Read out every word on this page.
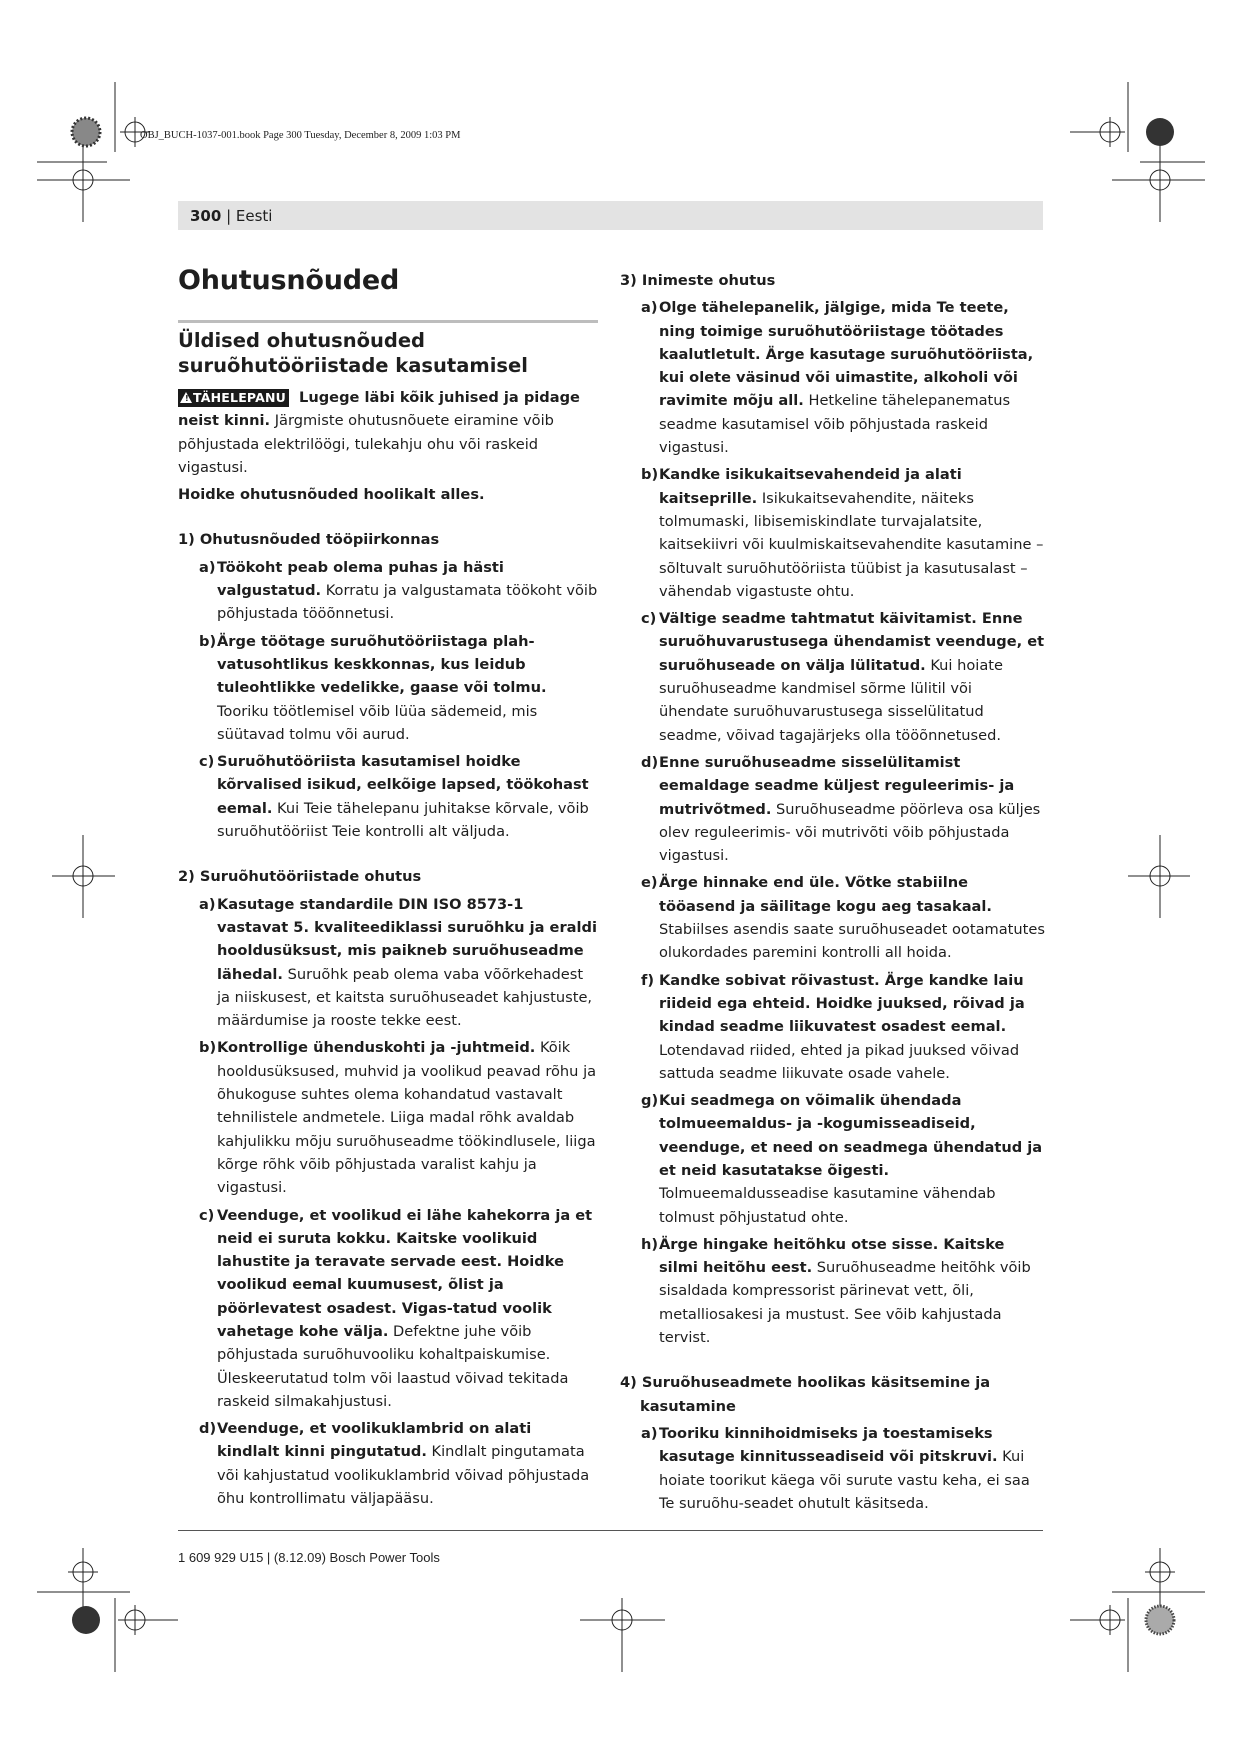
OBJ_BUCH-1037-001.book Page 300 Tuesday, December 8, 2009 1:03 PM
300 | Eesti
Ohutusnõuded
Üldised ohutusnõuded suruõhutööriistade kasutamisel
! TÄHELEPANU Lugege läbi kõik juhised ja pidage neist kinni. Järgmiste ohutusnõuete eiramine võib põhjustada elektrilöögi, tulekahju ohu või raskeid vigastusi.

Hoidke ohutusnõuded hoolikalt alles.

1) Ohutusnõuded tööpiirkonnas

a) Töökoht peab olema puhas ja hästi valgustatud. Korratu ja valgustamata töökoht võib põhjustada tööõnnetusi.
b) Ärge töötage suruõhutööriistaga plah-vatusohtlikus keskkonnas, kus leidub tuleohtlikke vedelikke, gaase või tolmu. Tooriku töötlemisel võib lüüa sädemeid, mis süütavad tolmu või aurud.
c) Suruõhutööriista kasutamisel hoidke kõrvalised isikud, eelkõige lapsed, töökohast eemal. Kui Teie tähelepanu juhitakse kõrvale, võib suruõhutööriist Teie kontrolli alt väljuda.

2) Suruõhutööriistade ohutus

a) Kasutage standardile DIN ISO 8573-1 vastavat 5. kvaliteediklassi suruõhku ja eraldi hooldusüksust, mis paikneb suruõhuseadme lähedal. Suruõhk peab olema vaba võõrkehadest ja niiskusest, et kaitsta suruõhuseadet kahjustuste, määrdumise ja rooste tekke eest.
b) Kontrollige ühenduskohti ja -juhtmeid. Kõik hooldusüksused, muhvid ja voolikud peavad rõhu ja õhukoguse suhtes olema kohandatud vastavalt tehnilistele andmetele. Liiga madal rõhk avaldab kahjulikku mõju suruõhuseadme töökindlusele, liiga kõrge rõhk võib põhjustada varalist kahju ja vigastusi.
c) Veenduge, et voolikud ei lähe kahekorra ja et neid ei suruta kokku. Kaitske voolikuid lahustite ja teravate servade eest. Hoidke voolikud eemal kuumusest, õlist ja pöörlevatest osadest. Vigas-tatud voolik vahetage kohe välja. Defektne juhe võib põhjustada suruõhuvooliku kohaltpaiskumise. Üleskeerutatud tolm või laastud võivad tekitada raskeid silmakahjustusi.
d) Veenduge, et voolikuklambrid on alati kindlalt kinni pingutatud. Kindlalt pingutamata või kahjustatud voolikuklambrid võivad põhjustada õhu kontrollimatu väljapääsu.

3) Inimeste ohutus

a) Olge tähelepanelik, jälgige, mida Te teete, ning toimige suruõhutööriistage töötades kaalutletult. Ärge kasutage suruõhutööriista, kui olete väsinud või uimastite, alkoholi või ravimite mõju all. Hetkeline tähelepanematus seadme kasutamisel võib põhjustada raskeid vigastusi.
b) Kandke isikukaitsevahendeid ja alati kaitseprille. Isikukaitsevahendite, näiteks tolmumaski, libisemiskindlate turvajalatsite, kaitsekiivri või kuulmiskaitsevahendite kasutamine – sõltuvalt suruõhutööriista tüübist ja kasutusalast – vähendab vigastuste ohtu.
c) Vältige seadme tahtmatut käivitamist. Enne suruõhuvarustusega ühendamist veenduge, et suruõhuseade on välja lülitatud. Kui hoiate suruõhuseadme kandmisel sõrme lülitil või ühendate suruõhuvarustusega sisselülitatud seadme, võivad tagajärjeks olla tööõnnetused.
d) Enne suruõhuseadme sisselülitamist eemaldage seadme küljest reguleerimis- ja mutrivõtmed. Suruõhuseadme pöörleva osa küljes olev reguleerimis- või mutrivõti võib põhjustada vigastusi.
e) Ärge hinnake end üle. Võtke stabiilne tööasend ja säilitage kogu aeg tasakaal. Stabiilses asendis saate suruõhuseadet ootamatutes olukordades paremini kontrolli all hoida.
f) Kandke sobivat rõivastust. Ärge kandke laiu riideid ega ehteid. Hoidke juuksed, rõivad ja kindad seadme liikuvatest osadest eemal. Lotendavad riided, ehted ja pikad juuksed võivad sattuda seadme liikuvate osade vahele.
g) Kui seadmega on võimalik ühendada tolmueemaldus- ja -kogumisseadiseid, veenduge, et need on seadmega ühendatud ja et neid kasutatakse õigesti. Tolmueemaldusseadise kasutamine vähendab tolmust põhjustatud ohte.
h) Ärge hingake heitõhku otse sisse. Kaitske silmi heitõhu eest. Suruõhuseadme heitõhk võib sisaldada kompressorist pärinevat vett, õli, metalliosakesi ja mustust. See võib kahjustada tervist.

4) Suruõhuseadmete hoolikas käsitsemine ja kasutamine

a) Tooriku kinnihoidmiseks ja toestamiseks kasutage kinnitusseadiseid või pitskruvi. Kui hoiate toorikut käega või surute vastu keha, ei saa Te suruõhu-seadet ohutult käsitseda.
1 609 929 U15 | (8.12.09) Bosch Power Tools
